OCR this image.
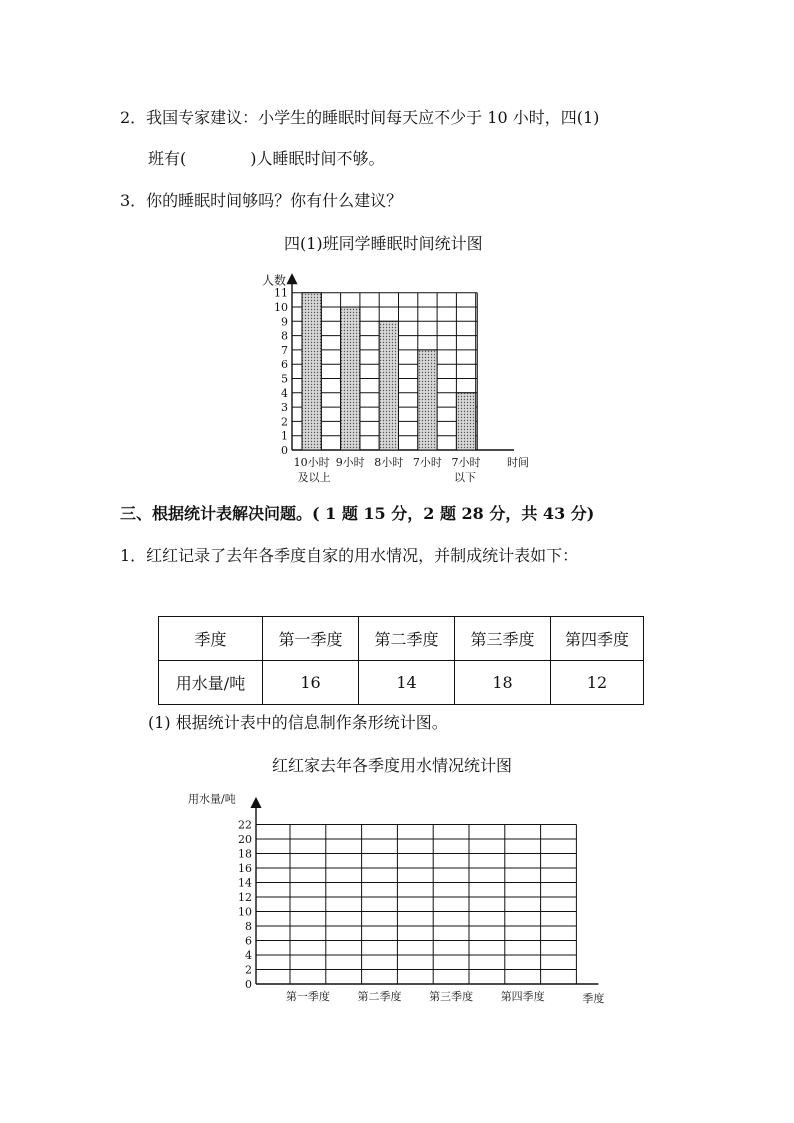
2．我国专家建议：小学生的睡眠时间每天应不少于 10 小时，四(1)
班有(　　　　)人睡眠时间不够。
3．你的睡眠时间够吗？你有什么建议？
四(1)班同学睡眠时间统计图
0
1
2
3
4
5
6
7
8
9
10
11
人数
10小时
及以上
9小时 8小时 7小时 7小时
以下
时间
三、根据统计表解决问题。( 1 题 15 分，2 题 28 分，共 43 分)
1．红红记录了去年各季度自家的用水情况，并制成统计表如下：
季度	第一季度	第二季度	第三季度	第四季度
用水量/吨	16	14	18	12
(1) 根据统计表中的信息制作条形统计图。
红红家去年各季度用水情况统计图
0
2
4
6
8
10
12
14
16
18
20
22
用水量/吨
第一季度	第二季度	第三季度	第四季度	季度
